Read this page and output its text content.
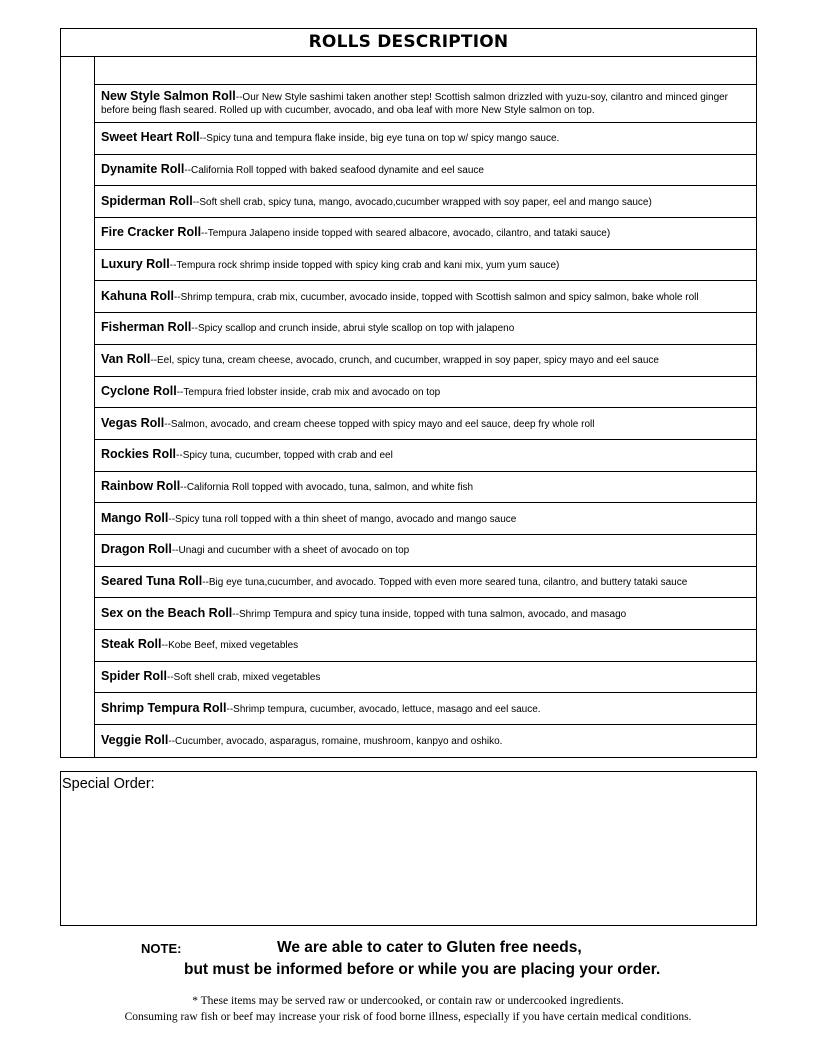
ROLLS DESCRIPTION
New Style Salmon Roll--Our New Style sashimi taken another step! Scottish salmon drizzled with yuzu-soy, cilantro and minced ginger before being flash seared. Rolled up with cucumber, avocado, and oba leaf with more New Style salmon on top.
Sweet Heart Roll--Spicy tuna and tempura flake inside, big eye tuna on top w/ spicy mango sauce.
Dynamite Roll--California Roll topped with baked seafood dynamite and eel sauce
Spiderman Roll--Soft shell crab, spicy tuna, mango, avocado,cucumber wrapped with soy paper, eel and mango sauce)
Fire Cracker Roll--Tempura Jalapeno inside topped with seared albacore, avocado, cilantro, and tataki sauce)
Luxury Roll--Tempura rock shrimp inside topped with spicy king crab and kani mix, yum yum sauce)
Kahuna Roll--Shrimp tempura, crab mix, cucumber, avocado inside, topped with Scottish salmon and spicy salmon, bake whole roll
Fisherman Roll--Spicy scallop and crunch inside, abrui style scallop on top with jalapeno
Van Roll--Eel, spicy tuna, cream cheese, avocado, crunch, and cucumber, wrapped in soy paper, spicy mayo and eel sauce
Cyclone Roll--Tempura fried lobster inside, crab mix and avocado on top
Vegas Roll--Salmon, avocado, and cream cheese topped with spicy mayo and eel sauce, deep fry whole roll
Rockies Roll--Spicy tuna, cucumber, topped with crab and eel
Rainbow Roll--California Roll topped with avocado, tuna, salmon, and white fish
Mango Roll--Spicy tuna roll topped with a thin sheet of mango, avocado and mango sauce
Dragon Roll--Unagi and cucumber with a sheet of avocado on top
Seared Tuna Roll--Big eye tuna,cucumber, and avocado. Topped with even more seared tuna, cilantro, and buttery tataki sauce
Sex on the Beach Roll--Shrimp Tempura and spicy tuna inside, topped with tuna salmon, avocado, and masago
Steak Roll--Kobe Beef, mixed vegetables
Spider Roll--Soft shell crab, mixed vegetables
Shrimp Tempura Roll--Shrimp tempura, cucumber, avocado, lettuce, masago and eel sauce.
Veggie Roll--Cucumber, avocado, asparagus, romaine, mushroom, kanpyo and oshiko.
Special Order:
NOTE:	We are able to cater to Gluten free needs,
but must be informed before or while you are placing your order.
* These items may be served raw or undercooked, or contain raw or undercooked ingredients.
Consuming raw fish or beef may increase your risk of food borne illness, especially if you have certain medical conditions.
